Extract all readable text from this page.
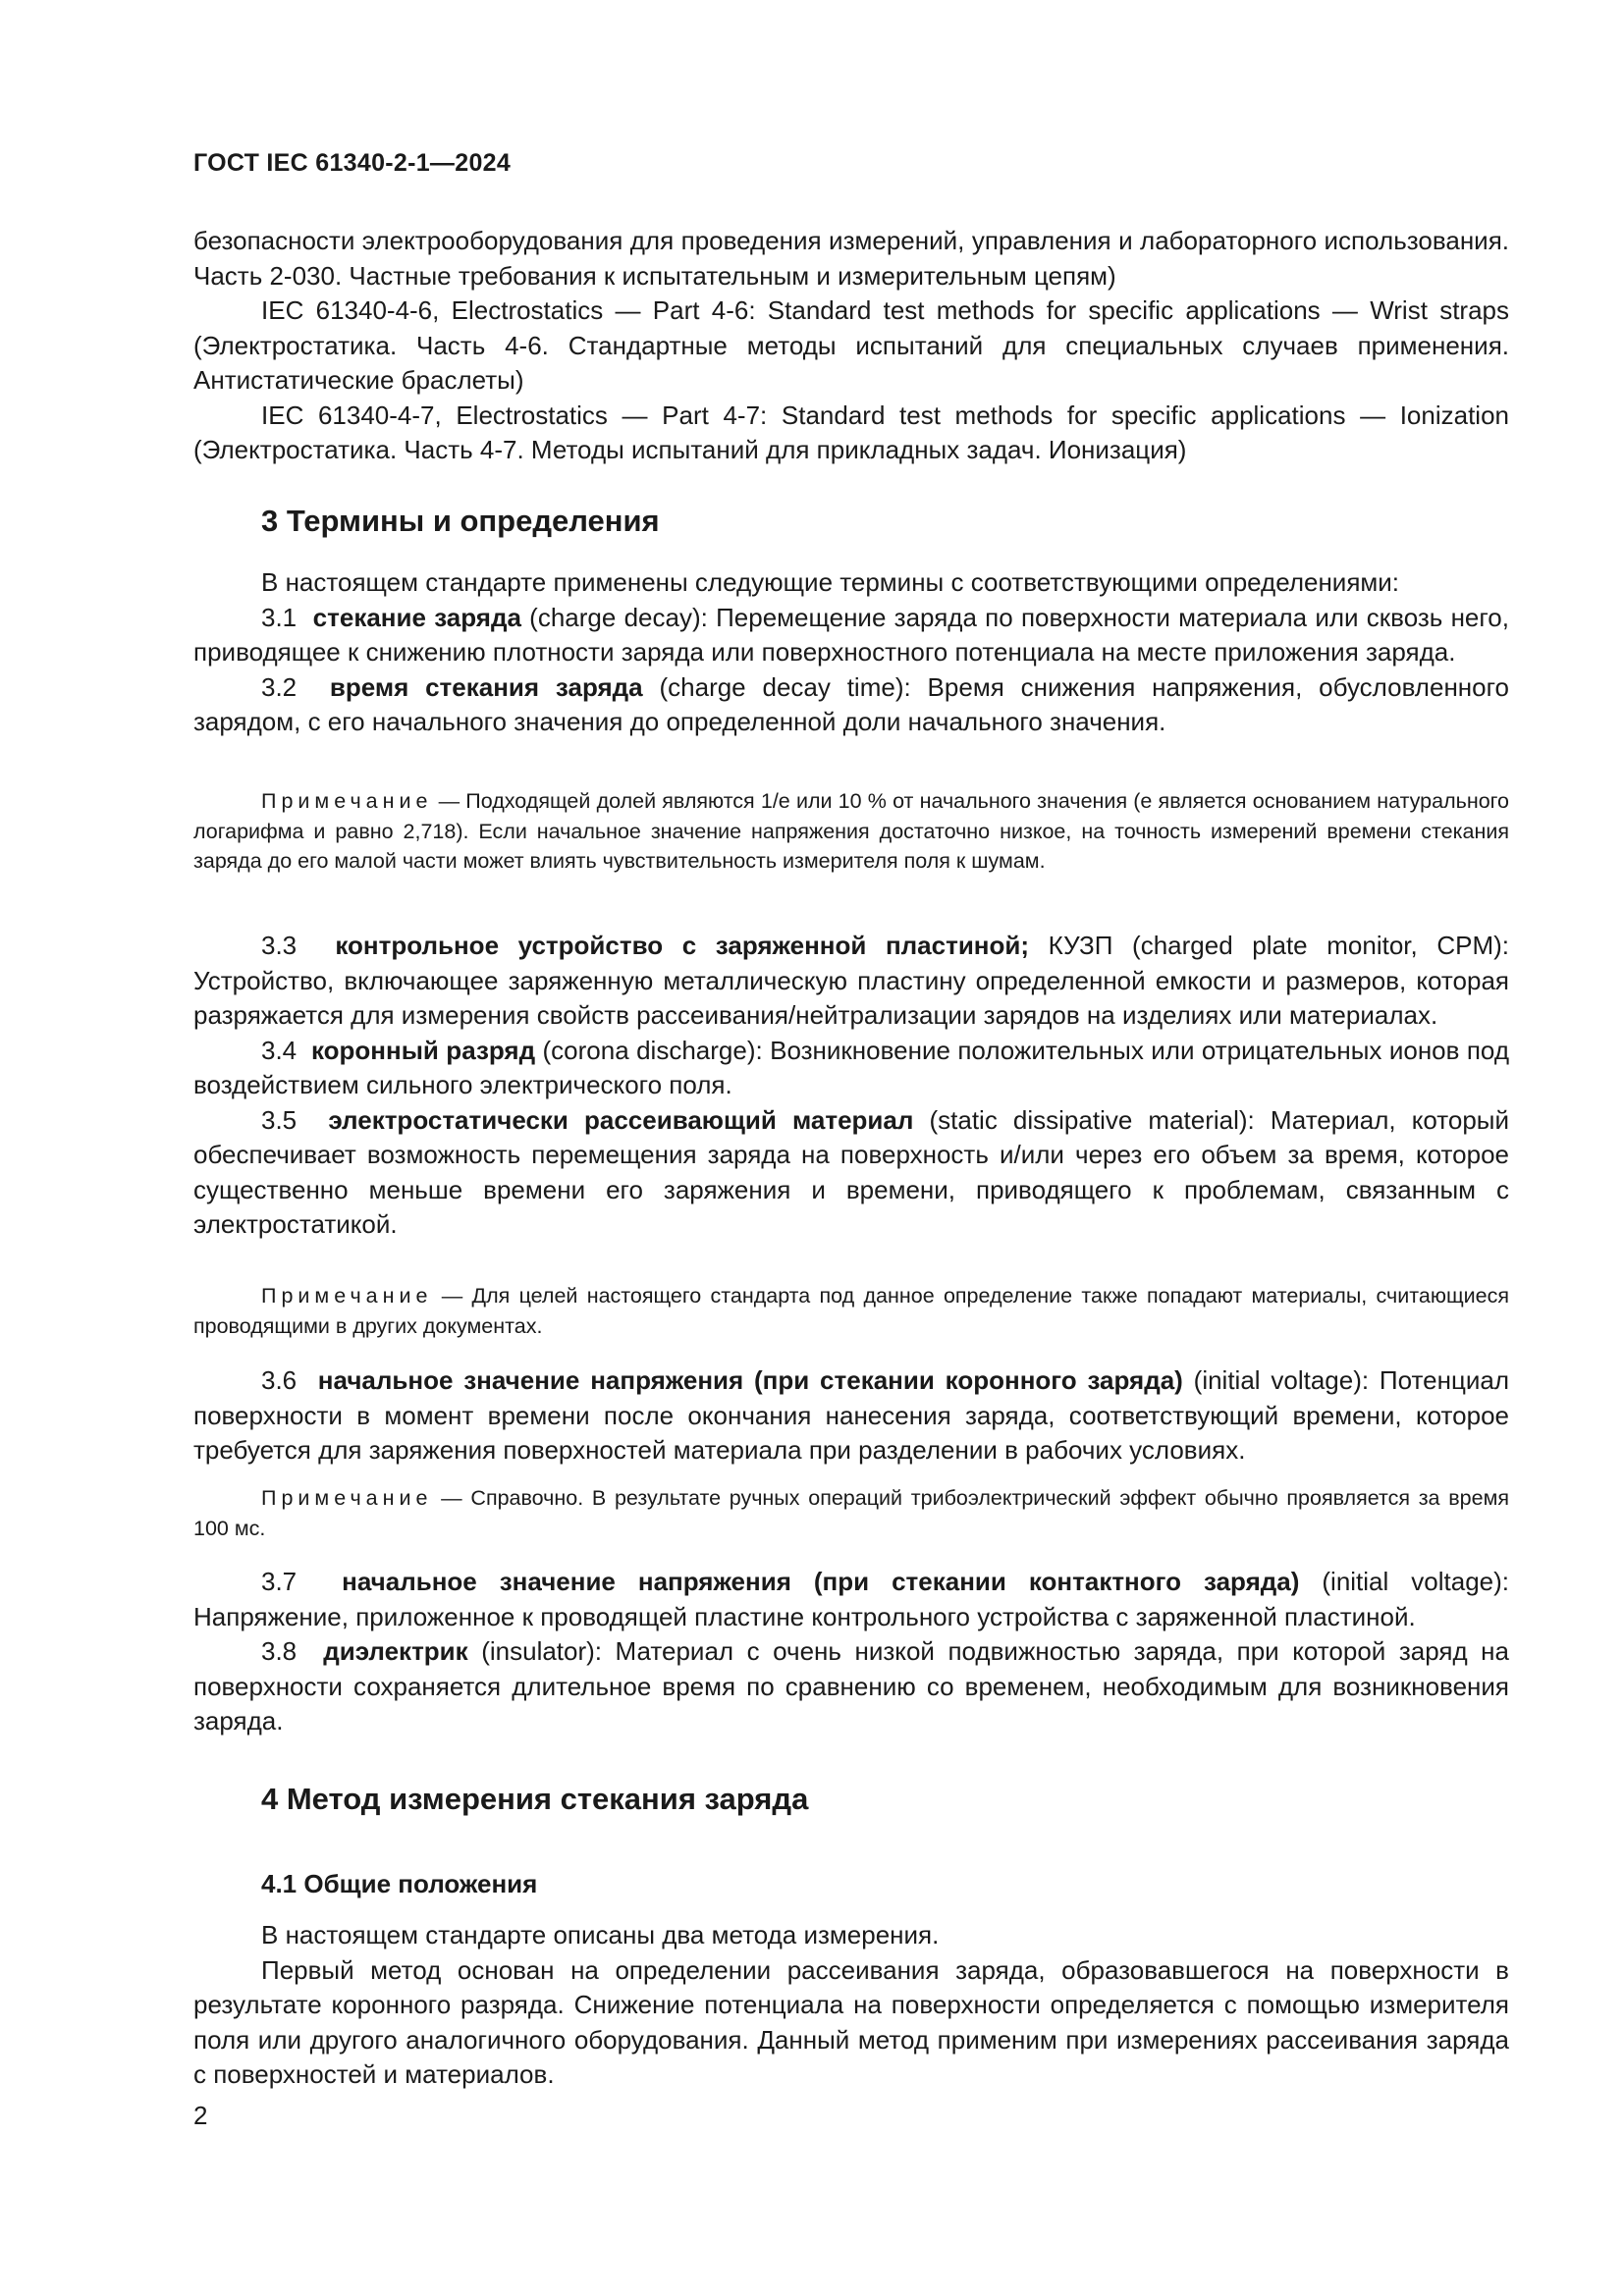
ГОСТ IEC 61340-2-1—2024

безопасности электрооборудования для проведения измерений, управления и лабораторного использования. Часть 2-030. Частные требования к испытательным и измерительным цепям)

IEC 61340-4-6, Electrostatics — Part 4-6: Standard test methods for specific applications — Wrist straps (Электростатика. Часть 4-6. Стандартные методы испытаний для специальных случаев применения. Антистатические браслеты)

IEC 61340-4-7, Electrostatics — Part 4-7: Standard test methods for specific applications — Ionization (Электростатика. Часть 4-7. Методы испытаний для прикладных задач. Ионизация)

3 Термины и определения

В настоящем стандарте применены следующие термины с соответствующими определениями:

3.1 стекание заряда (charge decay): Перемещение заряда по поверхности материала или сквозь него, приводящее к снижению плотности заряда или поверхностного потенциала на месте приложения заряда.

3.2 время стекания заряда (charge decay time): Время снижения напряжения, обусловленного зарядом, с его начального значения до определенной доли начального значения.

Примечание — Подходящей долей являются 1/e или 10 % от начального значения (e является основанием натурального логарифма и равно 2,718). Если начальное значение напряжения достаточно низкое, на точность измерений времени стекания заряда до его малой части может влиять чувствительность измерителя поля к шумам.

3.3 контрольное устройство с заряженной пластиной; КУЗП (charged plate monitor, CPM): Устройство, включающее заряженную металлическую пластину определенной емкости и размеров, которая разряжается для измерения свойств рассеивания/нейтрализации зарядов на изделиях или материалах.

3.4 коронный разряд (corona discharge): Возникновение положительных или отрицательных ионов под воздействием сильного электрического поля.

3.5 электростатически рассеивающий материал (static dissipative material): Материал, который обеспечивает возможность перемещения заряда на поверхность и/или через его объем за время, которое существенно меньше времени его заряжения и времени, приводящего к проблемам, связанным с электростатикой.

Примечание — Для целей настоящего стандарта под данное определение также попадают материалы, считающиеся проводящими в других документах.

3.6 начальное значение напряжения (при стекании коронного заряда) (initial voltage): Потенциал поверхности в момент времени после окончания нанесения заряда, соответствующий времени, которое требуется для заряжения поверхностей материала при разделении в рабочих условиях.

Примечание — Справочно. В результате ручных операций трибоэлектрический эффект обычно проявляется за время 100 мс.

3.7 начальное значение напряжения (при стекании контактного заряда) (initial voltage): Напряжение, приложенное к проводящей пластине контрольного устройства с заряженной пластиной.

3.8 диэлектрик (insulator): Материал с очень низкой подвижностью заряда, при которой заряд на поверхности сохраняется длительное время по сравнению со временем, необходимым для возникновения заряда.

4 Метод измерения стекания заряда
4.1 Общие положения

В настоящем стандарте описаны два метода измерения.

Первый метод основан на определении рассеивания заряда, образовавшегося на поверхности в результате коронного разряда. Снижение потенциала на поверхности определяется с помощью измерителя поля или другого аналогичного оборудования. Данный метод применим при измерениях рассеивания заряда с поверхностей и материалов.

2
